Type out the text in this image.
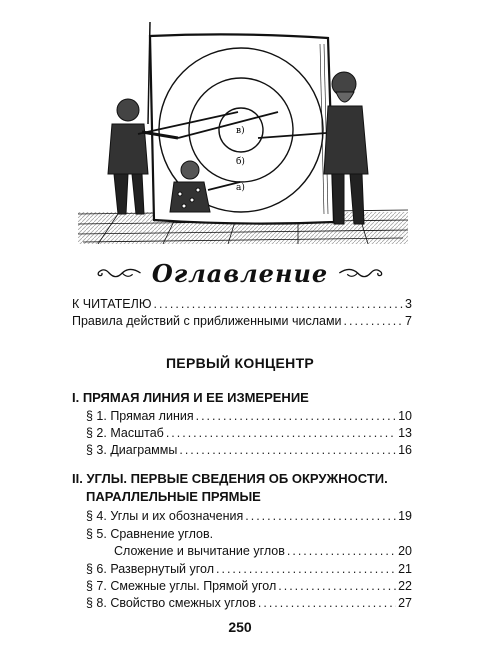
в)
б)
а)
Оглавление
К ЧИТАТЕЛЮ .....	3
Правила действий с приближенными числами .....	7
ПЕРВЫЙ КОНЦЕНТР
I. ПРЯМАЯ ЛИНИЯ И ЕЕ ИЗМЕРЕНИЕ
§ 1. Прямая линия .....	10
§ 2. Масштаб .....	13
§ 3. Диаграммы .....	16
II. УГЛЫ. ПЕРВЫЕ СВЕДЕНИЯ ОБ ОКРУЖНОСТИ.
ПАРАЛЛЕЛЬНЫЕ ПРЯМЫЕ
§ 4. Углы и их обозначения .....	19
§ 5. Сравнение углов.
Сложение и вычитание углов .....	20
§ 6. Развернутый угол .....	21
§ 7. Смежные углы. Прямой угол .....	22
§ 8. Свойство смежных углов .....	27
250
